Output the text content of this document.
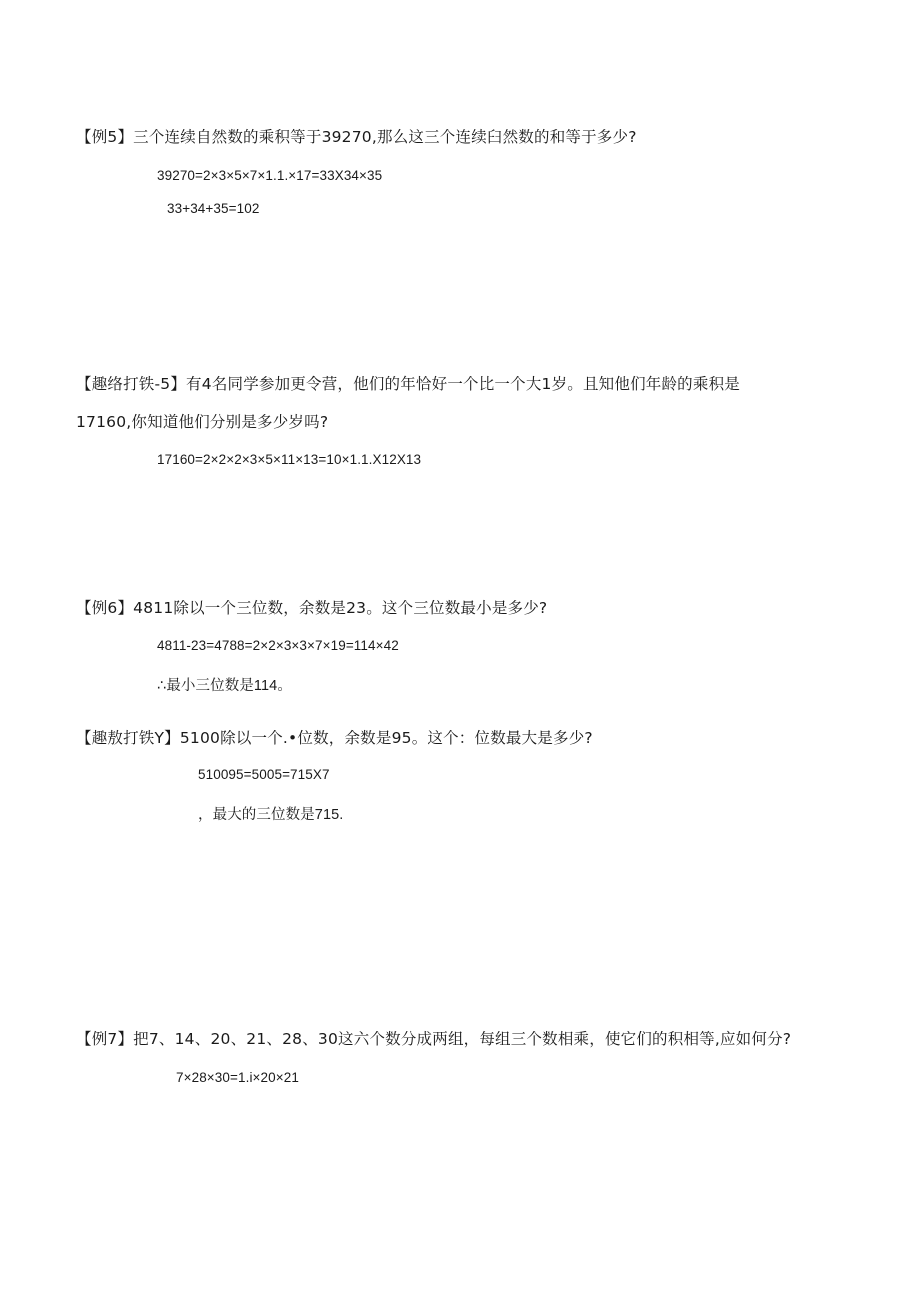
【例5】三个连续自然数的乘积等于39270,那么这三个连续臼然数的和等于多少?
39270=2×3×5×7×1.1.×17=33X34×35
33+34+35=102
【趣络打铁-5】有4名同学参加更令营，他们的年恰好一个比一个大1岁。且知他们年龄的乘积是
17160,你知道他们分别是多少岁吗?
17160=2×2×2×3×5×11×13=10×1.1.X12X13
【例6】4811除以一个三位数，余数是23。这个三位数最小是多少?
4811-23=4788=2×2×3×3×7×19=114×42
∴最小三位数是114。
【趣敖打铁Y】5100除以一个.•位数，余数是95。这个：位数最大是多少?
510095=5005=715X7
，最大的三位数是715.
【例7】把7、14、20、21、28、30这六个数分成两组，每组三个数相乘，使它们的积相等,应如何分?
7×28×30=1.i×20×21
